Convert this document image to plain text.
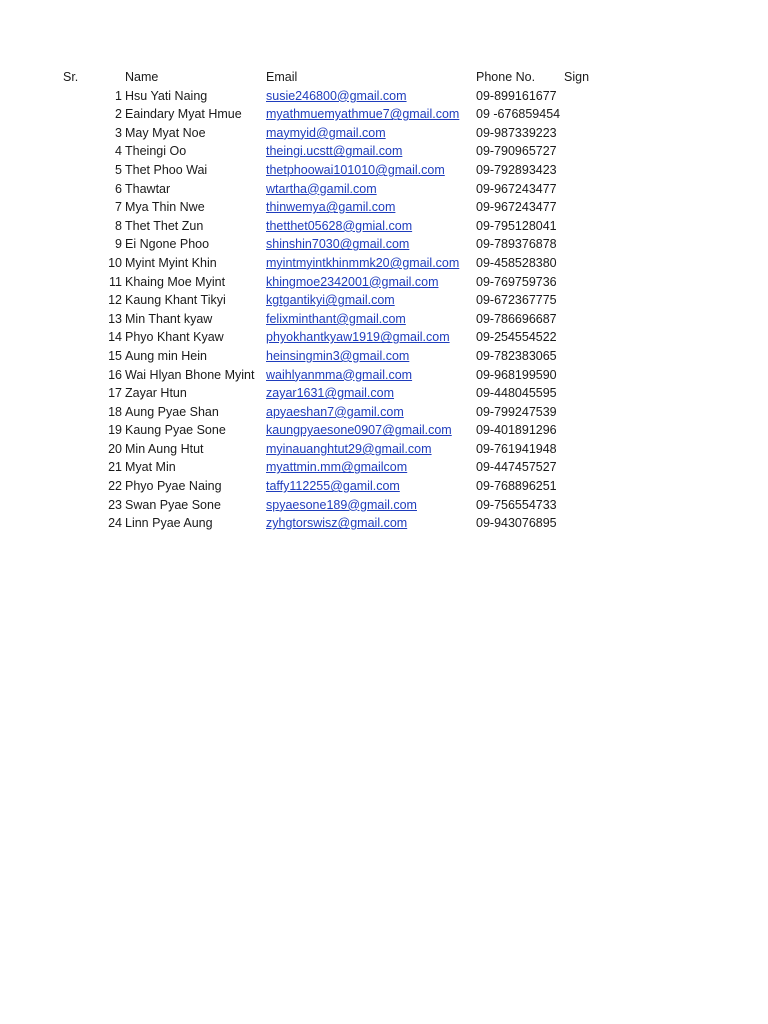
Sr.	Name	Email	Phone No.	Sign
1 Hsu Yati Naing	susie246800@gmail.com	09-899161677
2 Eaindary Myat Hmue	myathmuemyathmue7@gmail.com	09 -676859454
3 May Myat Noe	maymyid@gmail.com	09-987339223
4 Theingi Oo	theingi.ucstt@gmail.com	09-790965727
5 Thet Phoo Wai	thetphoowai101010@gmail.com	09-792893423
6 Thawtar	wtartha@gamil.com	09-967243477
7 Mya Thin Nwe	thinwemya@gamil.com	09-967243477
8 Thet Thet Zun	thetthet05628@gmial.com	09-795128041
9 Ei Ngone Phoo	shinshin7030@gmail.com	09-789376878
10 Myint Myint Khin	myintmyintkhinmmk20@gmail.com	09-458528380
11 Khaing Moe Myint	khingmoe2342001@gmail.com	09-769759736
12 Kaung Khant Tikyi	kgtgantikyi@gmail.com	09-672367775
13 Min Thant kyaw	felixminthant@gmail.com	09-786696687
14 Phyo Khant Kyaw	phyokhantkyaw1919@gmail.com	09-254554522
15 Aung min Hein	heinsingmin3@gmail.com	09-782383065
16 Wai Hlyan Bhone Myint waihlyanmma@gmail.com	09-968199590
17 Zayar Htun	zayar1631@gmail.com	09-448045595
18 Aung Pyae Shan	apyaeshan7@gamil.com	09-799247539
19 Kaung Pyae Sone	kaungpyaesone0907@gmail.com	09-401891296
20 Min Aung Htut	myinauanghtut29@gmail.com	09-761941948
21 Myat Min	myattmin.mm@gmailcom	09-447457527
22 Phyo Pyae Naing	taffy112255@gamil.com	09-768896251
23 Swan Pyae Sone	spyaesone189@gmail.com	09-756554733
24 Linn Pyae Aung	zyhgtorswisz@gmail.com	09-943076895
